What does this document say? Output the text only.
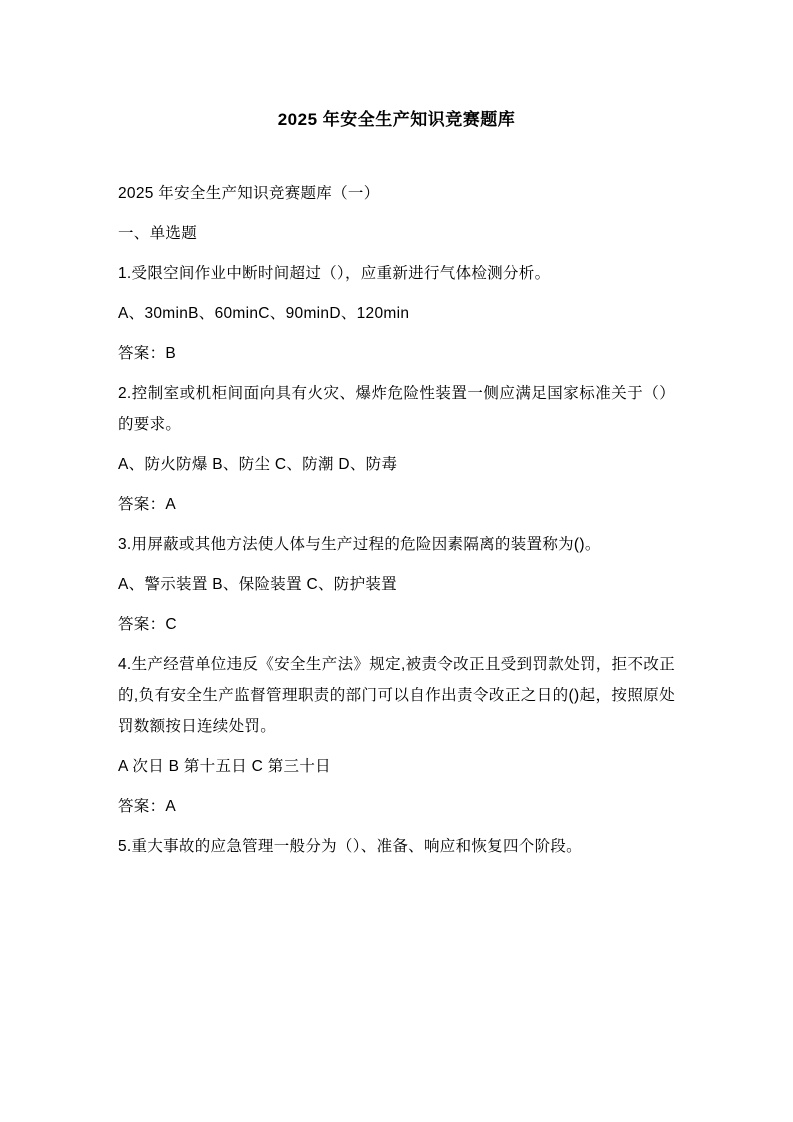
2025 年安全生产知识竞赛题库

2025 年安全生产知识竞赛题库（一）

一、单选题

1.受限空间作业中断时间超过（），应重新进行气体检测分析。

A、30minB、60minC、90minD、120min

答案：B

2.控制室或机柜间面向具有火灾、爆炸危险性装置一侧应满足国家标准关于（）的要求。

A、防火防爆 B、防尘 C、防潮 D、防毒

答案：A

3.用屏蔽或其他方法使人体与生产过程的危险因素隔离的装置称为()。

A、警示装置 B、保险装置 C、防护装置

答案：C

4.生产经营单位违反《安全生产法》规定,被责令改正且受到罚款处罚，拒不改正的,负有安全生产监督管理职责的部门可以自作出责令改正之日的()起，按照原处罚数额按日连续处罚。

A 次日 B 第十五日 C 第三十日

答案：A

5.重大事故的应急管理一般分为（）、准备、响应和恢复四个阶段。
